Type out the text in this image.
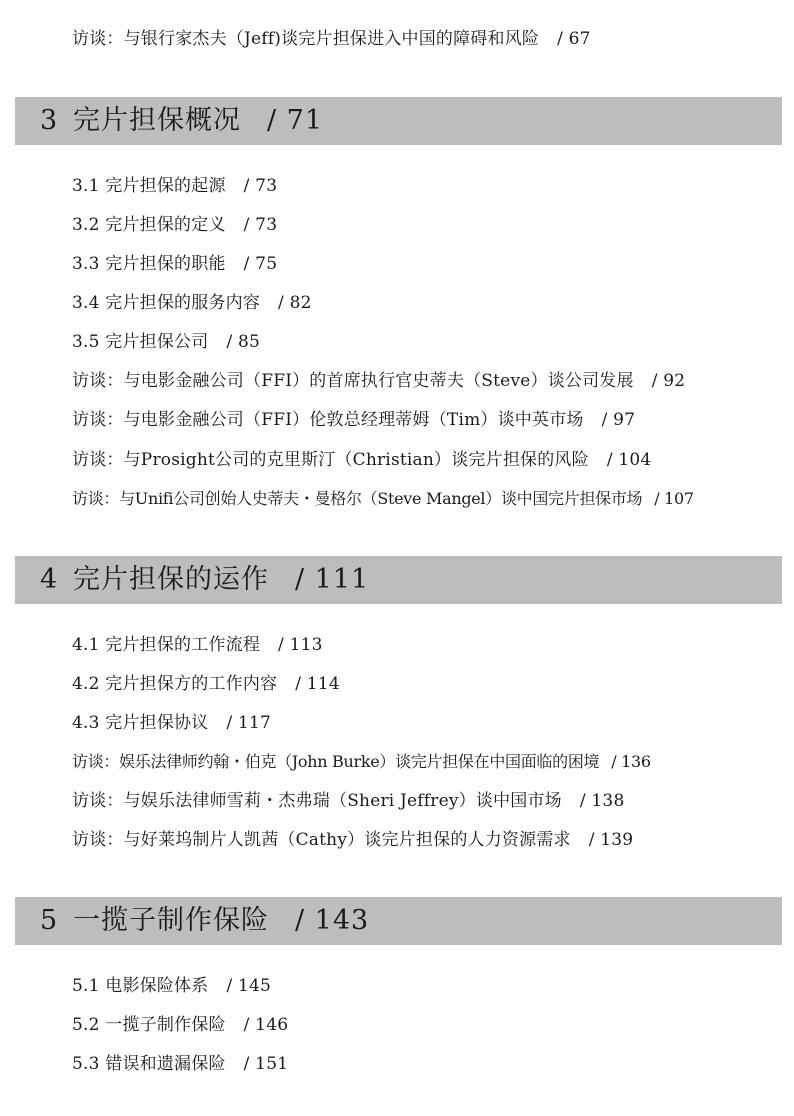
访谈：与银行家杰夫（Jeff)谈完片担保进入中国的障碍和风险 / 67
3 完片担保概况 / 71
3.1 完片担保的起源 / 73
3.2 完片担保的定义 / 73
3.3 完片担保的职能 / 75
3.4 完片担保的服务内容 / 82
3.5 完片担保公司 / 85
访谈：与电影金融公司（FFI）的首席执行官史蒂夫（Steve）谈公司发展 / 92
访谈：与电影金融公司（FFI）伦敦总经理蒂姆（Tim）谈中英市场 / 97
访谈：与Prosight公司的克里斯汀（Christian）谈完片担保的风险 / 104
访谈：与Unifi公司创始人史蒂夫・曼格尔（Steve Mangel）谈中国完片担保市场 / 107
4 完片担保的运作 / 111
4.1 完片担保的工作流程 / 113
4.2 完片担保方的工作内容 / 114
4.3 完片担保协议 / 117
访谈：娱乐法律师约翰・伯克（John Burke）谈完片担保在中国面临的困境 / 136
访谈：与娱乐法律师雪莉・杰弗瑞（Sheri Jeffrey）谈中国市场 / 138
访谈：与好莱坞制片人凯茜（Cathy）谈完片担保的人力资源需求 / 139
5 一揽子制作保险 / 143
5.1 电影保险体系 / 145
5.2 一揽子制作保险 / 146
5.3 错误和遗漏保险 / 151
